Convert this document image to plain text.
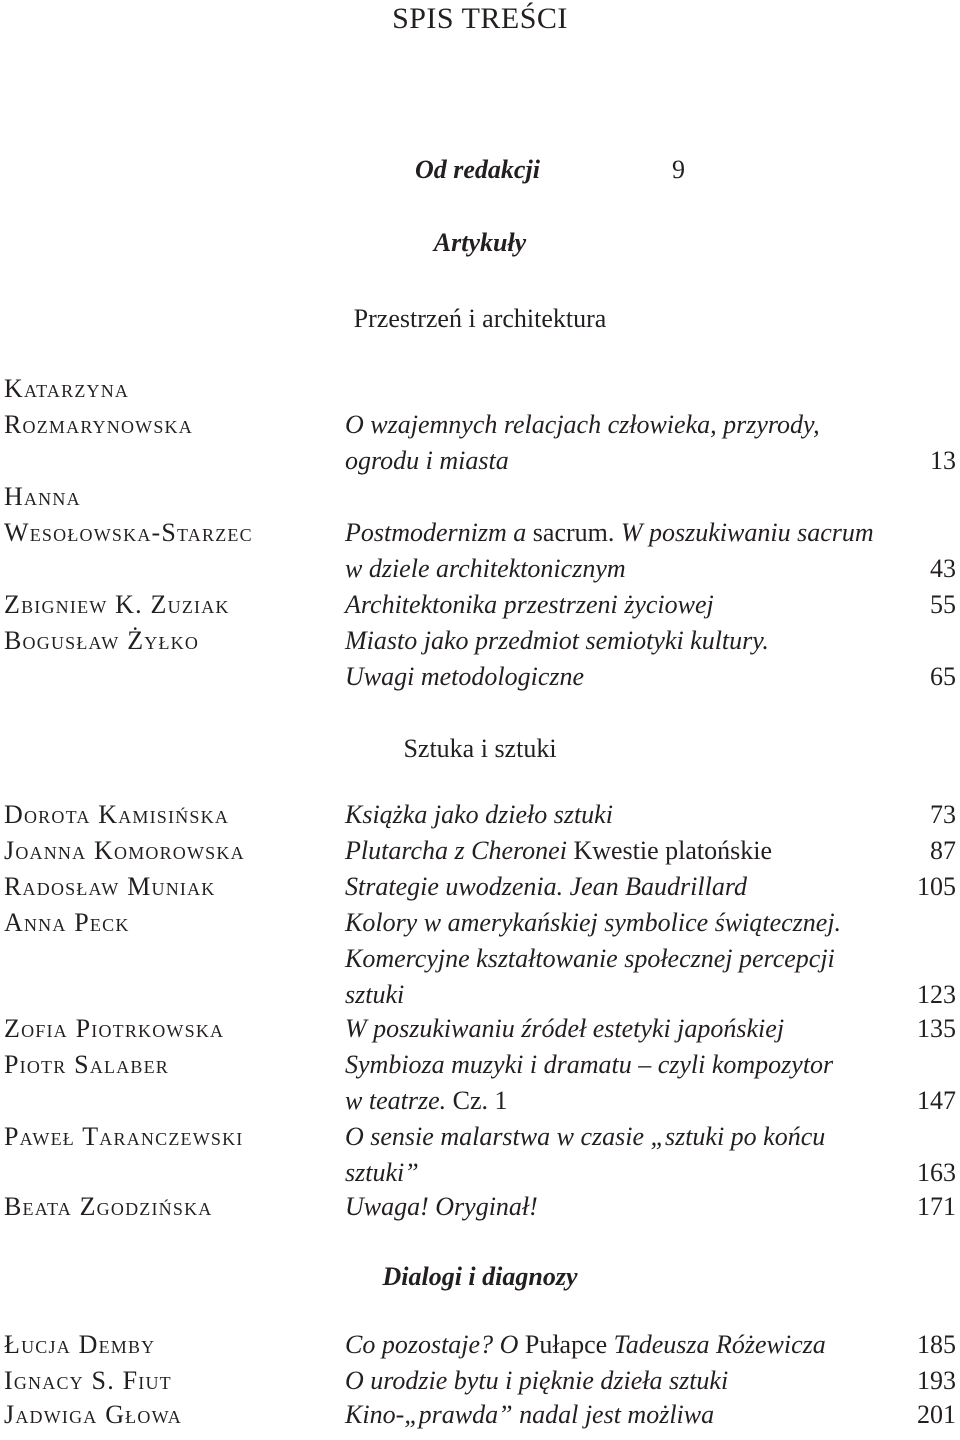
SPIS TREŚCI
Od redakcji	9
Artykuły
Przestrzeń i architektura
Katarzyna
Rozmarynowska	O wzajemnych relacjach człowieka, przyrody,
ogrodu i miasta	13
Hanna
Wesołowska-Starzec	Postmodernizm a sacrum. W poszukiwaniu sacrum
w dziele architektonicznym	43
Zbigniew K. Zuziak	Architektonika przestrzeni życiowej	55
Bogusław Żyłko	Miasto jako przedmiot semiotyki kultury.
Uwagi metodologiczne	65
Sztuka i sztuki
Dorota Kamisińska	Książka jako dzieło sztuki	73
Joanna Komorowska	Plutarcha z Cheronei Kwestie platońskie	87
Radosław Muniak	Strategie uwodzenia. Jean Baudrillard	105
Anna Peck	Kolory w amerykańskiej symbolice świątecznej.
Komercyjne kształtowanie społecznej percepcji
sztuki	123
Zofia Piotrkowska	W poszukiwaniu źródeł estetyki japońskiej	135
Piotr Salaber	Symbioza muzyki i dramatu – czyli kompozytor
w teatrze. Cz. 1	147
Paweł Taranczewski	O sensie malarstwa w czasie „sztuki po końcu
sztuki”	163
Beata Zgodzińska	Uwaga! Oryginał!	171
Dialogi i diagnozy
Łucja Demby	Co pozostaje? O Pułapce Tadeusza Różewicza	185
Ignacy S. Fiut	O urodzie bytu i pięknie dzieła sztuki	193
Jadwiga Głowa	Kino-„prawda” nadal jest możliwa	201
